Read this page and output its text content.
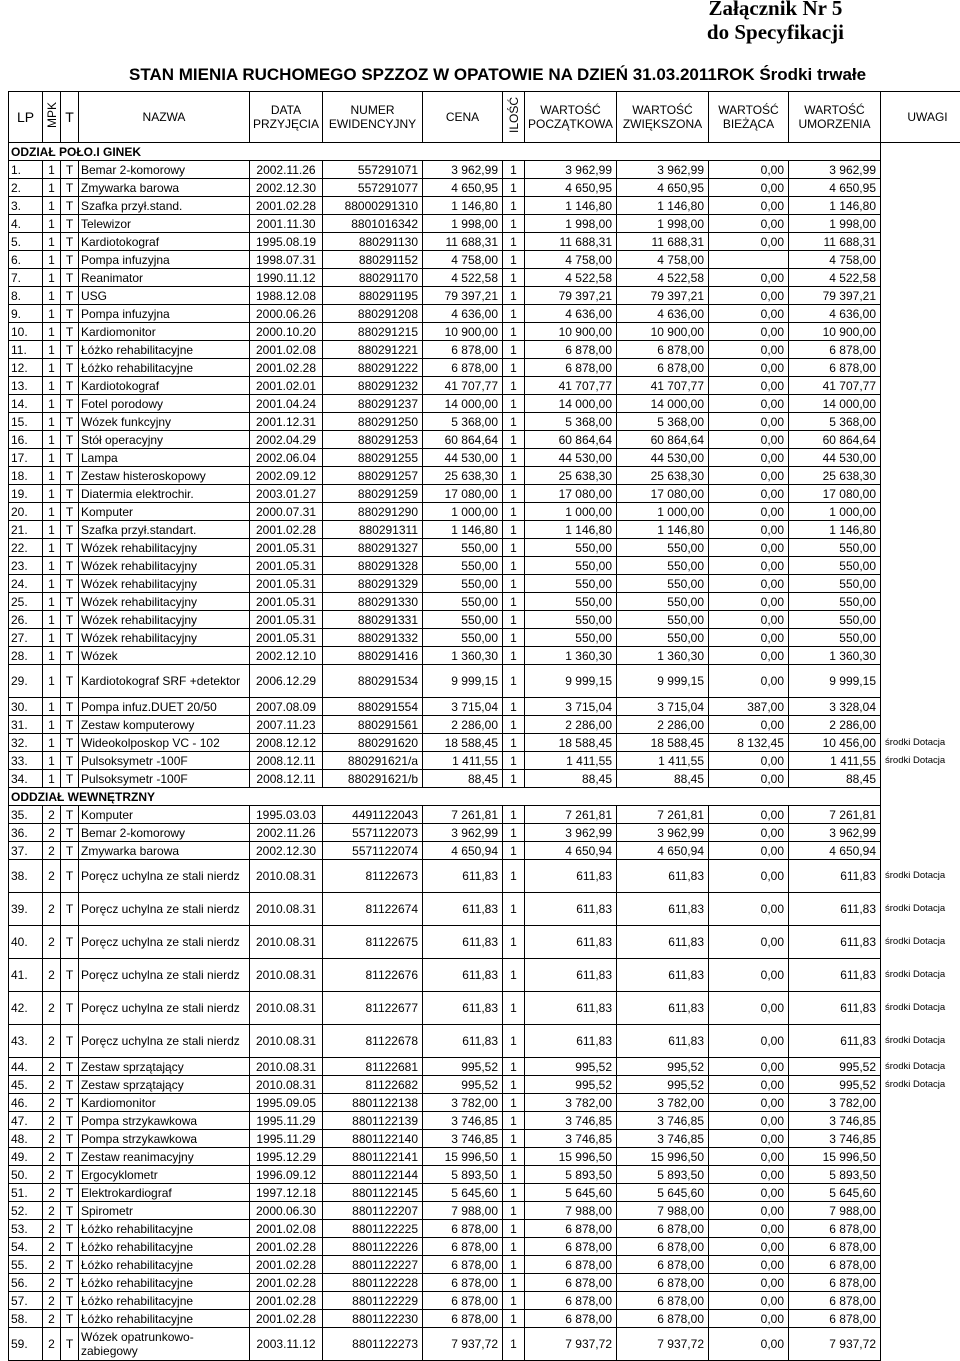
Załącznik Nr 5
do Specyfikacji
STAN MIENIA RUCHOMEGO SPZZOZ W OPATOWIE NA DZIEŃ 31.03.2011ROK Środki trwałe
LP	MPK	T	NAZWA	DATA PRZYJĘCIA	NUMER EWIDENCYJNY	CENA	ILOŚĆ	WARTOŚĆ POCZĄTKOWA	WARTOŚĆ ZWIĘKSZONA	WARTOŚĆ BIEŻĄCA	WARTOŚĆ UMORZENIA	UWAGI
ODZIAŁ POŁO.I GINEK												
1.	1	T	Bemar 2-komorowy	2002.11.26	557291071	3 962,99	1	3 962,99	3 962,99	0,00	3 962,99	
2.	1	T	Zmywarka barowa	2002.12.30	557291077	4 650,95	1	4 650,95	4 650,95	0,00	4 650,95	
3.	1	T	Szafka przył.stand.	2001.02.28	88000291310	1 146,80	1	1 146,80	1 146,80	0,00	1 146,80	
4.	1	T	Telewizor	2001.11.30	8801016342	1 998,00	1	1 998,00	1 998,00	0,00	1 998,00	
5.	1	T	Kardiotokograf	1995.08.19	880291130	11 688,31	1	11 688,31	11 688,31	0,00	11 688,31	
6.	1	T	Pompa infuzyjna	1998.07.31	880291152	4 758,00	1	4 758,00	4 758,00		4 758,00	
7.	1	T	Reanimator	1990.11.12	880291170	4 522,58	1	4 522,58	4 522,58	0,00	4 522,58	
8.	1	T	USG	1988.12.08	880291195	79 397,21	1	79 397,21	79 397,21	0,00	79 397,21	
9.	1	T	Pompa infuzyjna	2000.06.26	880291208	4 636,00	1	4 636,00	4 636,00	0,00	4 636,00	
10.	1	T	Kardiomonitor	2000.10.20	880291215	10 900,00	1	10 900,00	10 900,00	0,00	10 900,00	
11.	1	T	Łóżko rehabilitacyjne	2001.02.08	880291221	6 878,00	1	6 878,00	6 878,00	0,00	6 878,00	
12.	1	T	Łóżko rehabilitacyjne	2001.02.28	880291222	6 878,00	1	6 878,00	6 878,00	0,00	6 878,00	
13.	1	T	Kardiotokograf	2001.02.01	880291232	41 707,77	1	41 707,77	41 707,77	0,00	41 707,77	
14.	1	T	Fotel porodowy	2001.04.24	880291237	14 000,00	1	14 000,00	14 000,00	0,00	14 000,00	
15.	1	T	Wózek funkcyjny	2001.12.31	880291250	5 368,00	1	5 368,00	5 368,00	0,00	5 368,00	
16.	1	T	Stół operacyjny	2002.04.29	880291253	60 864,64	1	60 864,64	60 864,64	0,00	60 864,64	
17.	1	T	Lampa	2002.06.04	880291255	44 530,00	1	44 530,00	44 530,00	0,00	44 530,00	
18.	1	T	Zestaw histeroskopowy	2002.09.12	880291257	25 638,30	1	25 638,30	25 638,30	0,00	25 638,30	
19.	1	T	Diatermia elektrochir.	2003.01.27	880291259	17 080,00	1	17 080,00	17 080,00	0,00	17 080,00	
20.	1	T	Komputer	2000.07.31	880291290	1 000,00	1	1 000,00	1 000,00	0,00	1 000,00	
21.	1	T	Szafka przył.standart.	2001.02.28	880291311	1 146,80	1	1 146,80	1 146,80	0,00	1 146,80	
22.	1	T	Wózek rehabilitacyjny	2001.05.31	880291327	550,00	1	550,00	550,00	0,00	550,00	
23.	1	T	Wózek rehabilitacyjny	2001.05.31	880291328	550,00	1	550,00	550,00	0,00	550,00	
24.	1	T	Wózek rehabilitacyjny	2001.05.31	880291329	550,00	1	550,00	550,00	0,00	550,00	
25.	1	T	Wózek rehabilitacyjny	2001.05.31	880291330	550,00	1	550,00	550,00	0,00	550,00	
26.	1	T	Wózek rehabilitacyjny	2001.05.31	880291331	550,00	1	550,00	550,00	0,00	550,00	
27.	1	T	Wózek rehabilitacyjny	2001.05.31	880291332	550,00	1	550,00	550,00	0,00	550,00	
28.	1	T	Wózek	2002.12.10	880291416	1 360,30	1	1 360,30	1 360,30	0,00	1 360,30	
29.	1	T	Kardiotokograf SRF +detektor	2006.12.29	880291534	9 999,15	1	9 999,15	9 999,15	0,00	9 999,15	
30.	1	T	Pompa infuz.DUET 20/50	2007.08.09	880291554	3 715,04	1	3 715,04	3 715,04	387,00	3 328,04	
31.	1	T	Zestaw komputerowy	2007.11.23	880291561	2 286,00	1	2 286,00	2 286,00	0,00	2 286,00	
32.	1	T	Wideokolposkop VC - 102	2008.12.12	880291620	18 588,45	1	18 588,45	18 588,45	8 132,45	10 456,00	środki Dotacja
33.	1	T	Pulsoksymetr -100F	2008.12.11	880291621/a	1 411,55	1	1 411,55	1 411,55	0,00	1 411,55	środki Dotacja
34.	1	T	Pulsoksymetr -100F	2008.12.11	880291621/b	88,45	1	88,45	88,45	0,00	88,45	
ODDZIAŁ WEWNĘTRZNY												
35.	2	T	Komputer	1995.03.03	4491122043	7 261,81	1	7 261,81	7 261,81	0,00	7 261,81	
36.	2	T	Bemar 2-komorowy	2002.11.26	5571122073	3 962,99	1	3 962,99	3 962,99	0,00	3 962,99	
37.	2	T	Zmywarka barowa	2002.12.30	5571122074	4 650,94	1	4 650,94	4 650,94	0,00	4 650,94	
38.	2	T	Poręcz uchylna ze stali nierdz	2010.08.31	81122673	611,83	1	611,83	611,83	0,00	611,83	środki Dotacja
39.	2	T	Poręcz uchylna ze stali nierdz	2010.08.31	81122674	611,83	1	611,83	611,83	0,00	611,83	środki Dotacja
40.	2	T	Poręcz uchylna ze stali nierdz	2010.08.31	81122675	611,83	1	611,83	611,83	0,00	611,83	środki Dotacja
41.	2	T	Poręcz uchylna ze stali nierdz	2010.08.31	81122676	611,83	1	611,83	611,83	0,00	611,83	środki Dotacja
42.	2	T	Poręcz uchylna ze stali nierdz	2010.08.31	81122677	611,83	1	611,83	611,83	0,00	611,83	środki Dotacja
43.	2	T	Poręcz uchylna ze stali nierdz	2010.08.31	81122678	611,83	1	611,83	611,83	0,00	611,83	środki Dotacja
44.	2	T	Zestaw sprzątający	2010.08.31	81122681	995,52	1	995,52	995,52	0,00	995,52	środki Dotacja
45.	2	T	Zestaw sprzątający	2010.08.31	81122682	995,52	1	995,52	995,52	0,00	995,52	środki Dotacja
46.	2	T	Kardiomonitor	1995.09.05	8801122138	3 782,00	1	3 782,00	3 782,00	0,00	3 782,00	
47.	2	T	Pompa strzykawkowa	1995.11.29	8801122139	3 746,85	1	3 746,85	3 746,85	0,00	3 746,85	
48.	2	T	Pompa strzykawkowa	1995.11.29	8801122140	3 746,85	1	3 746,85	3 746,85	0,00	3 746,85	
49.	2	T	Zestaw reanimacyjny	1995.12.29	8801122141	15 996,50	1	15 996,50	15 996,50	0,00	15 996,50	
50.	2	T	Ergocyklometr	1996.09.12	8801122144	5 893,50	1	5 893,50	5 893,50	0,00	5 893,50	
51.	2	T	Elektrokardiograf	1997.12.18	8801122145	5 645,60	1	5 645,60	5 645,60	0,00	5 645,60	
52.	2	T	Spirometr	2000.06.30	8801122207	7 988,00	1	7 988,00	7 988,00	0,00	7 988,00	
53.	2	T	Łóżko rehabilitacyjne	2001.02.08	8801122225	6 878,00	1	6 878,00	6 878,00	0,00	6 878,00	
54.	2	T	Łóżko rehabilitacyjne	2001.02.28	8801122226	6 878,00	1	6 878,00	6 878,00	0,00	6 878,00	
55.	2	T	Łóżko rehabilitacyjne	2001.02.28	8801122227	6 878,00	1	6 878,00	6 878,00	0,00	6 878,00	
56.	2	T	Łóżko rehabilitacyjne	2001.02.28	8801122228	6 878,00	1	6 878,00	6 878,00	0,00	6 878,00	
57.	2	T	Łóżko rehabilitacyjne	2001.02.28	8801122229	6 878,00	1	6 878,00	6 878,00	0,00	6 878,00	
58.	2	T	Łóżko rehabilitacyjne	2001.02.28	8801122230	6 878,00	1	6 878,00	6 878,00	0,00	6 878,00	
59.	2	T	Wózek opatrunkowo-zabiegowy	2003.11.12	8801122273	7 937,72	1	7 937,72	7 937,72	0,00	7 937,72	
